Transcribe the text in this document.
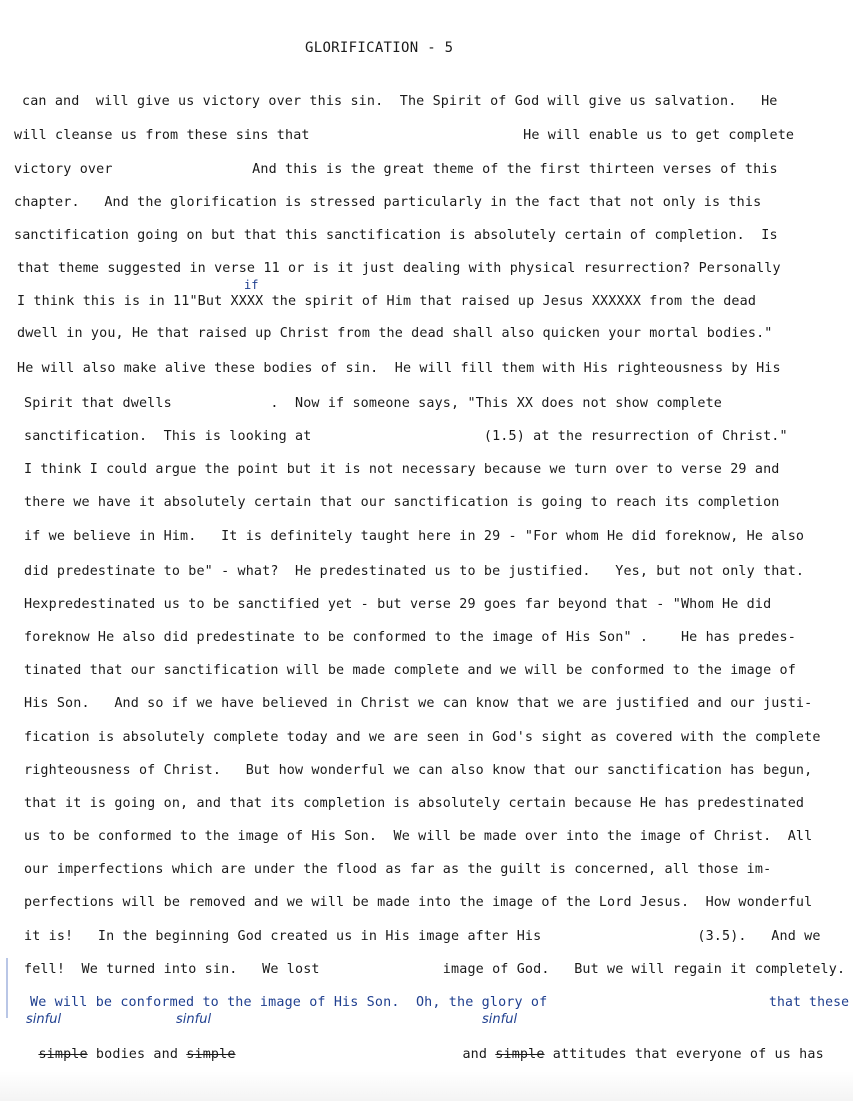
GLORIFICATION - 5
can and  will give us victory over this sin.  The Spirit of God will give us salvation.   He
will cleanse us from these sins that                          He will enable us to get complete
victory over                 And this is the great theme of the first thirteen verses of this
chapter.   And the glorification is stressed particularly in the fact that not only is this
sanctification going on but that this sanctification is absolutely certain of completion.  Is
that theme suggested in verse 11 or is it just dealing with physical resurrection? Personally
I think this is in 11"But XXXX the spirit of Him that raised up Jesus XXXXXX from the dead
dwell in you, He that raised up Christ from the dead shall also quicken your mortal bodies."
He will also make alive these bodies of sin.  He will fill them with His righteousness by His
Spirit that dwells            .  Now if someone says, "This XX does not show complete
sanctification.  This is looking at                     (1.5) at the resurrection of Christ."
I think I could argue the point but it is not necessary because we turn over to verse 29 and
there we have it absolutely certain that our sanctification is going to reach its completion
if we believe in Him.   It is definitely taught here in 29 - "For whom He did foreknow, He also
did predestinate to be" - what?  He predestinated us to be justified.   Yes, but not only that.
Hexpredestinated us to be sanctified yet - but verse 29 goes far beyond that - "Whom He did
foreknow He also did predestinate to be conformed to the image of His Son" .    He has predes-
tinated that our sanctification will be made complete and we will be conformed to the image of
His Son.   And so if we have believed in Christ we can know that we are justified and our justi-
fication is absolutely complete today and we are seen in God's sight as covered with the complete
righteousness of Christ.   But how wonderful we can also know that our sanctification has begun,
that it is going on, and that its completion is absolutely certain because He has predestinated
us to be conformed to the image of His Son.  We will be made over into the image of Christ.  All
our imperfections which are under the flood as far as the guilt is concerned, all those im-
perfections will be removed and we will be made into the image of the Lord Jesus.  How wonderful
it is!   In the beginning God created us in His image after His                   (3.5).   And we
fell!  We turned into sin.   We lost               image of God.   But we will regain it completely.
if
We will be conformed to the image of His Son.  Oh, the glory of	that these
sinful	sinful	sinful

simple bodies and simple	and simple attitudes that everyone of us has
